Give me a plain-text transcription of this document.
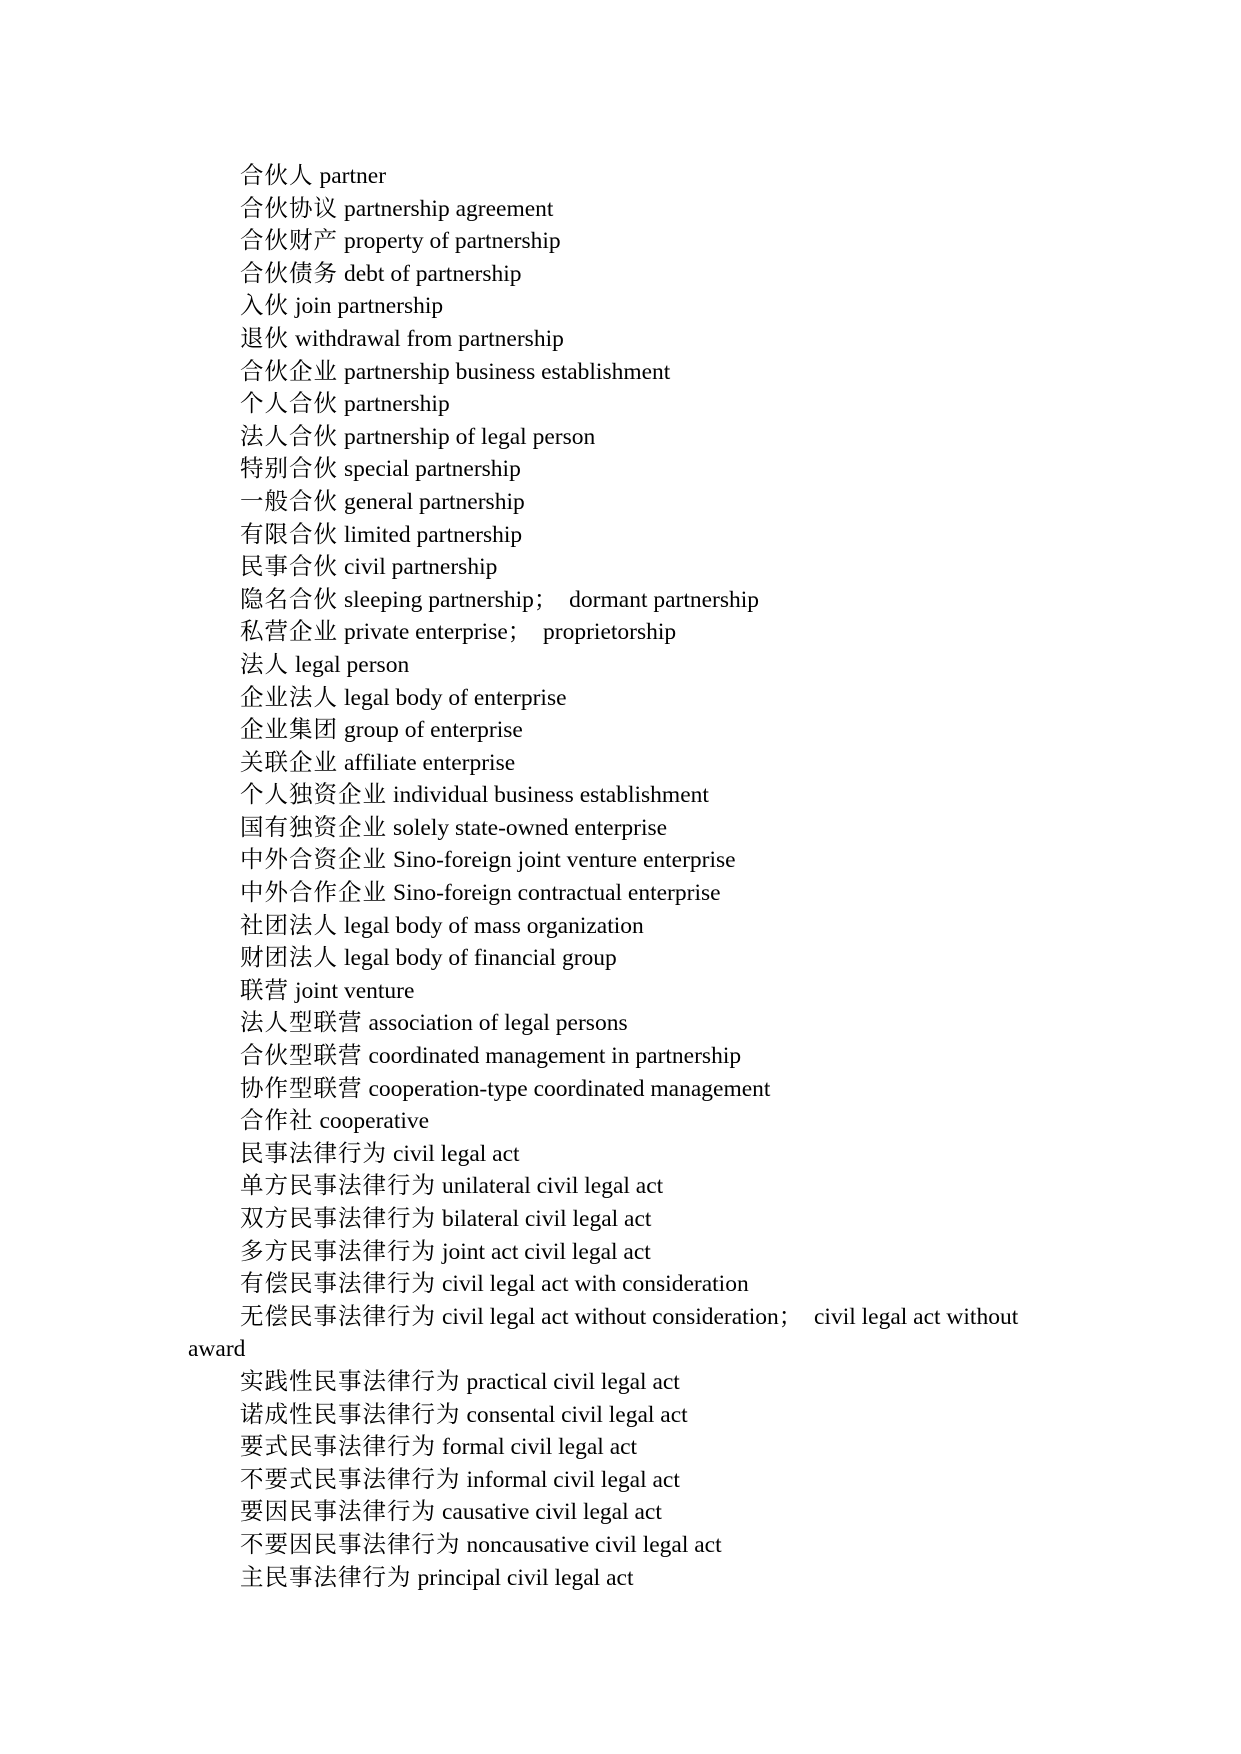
合伙人 partner

合伙协议 partnership agreement

合伙财产 property of partnership

合伙债务 debt of partnership

入伙 join partnership

退伙 withdrawal from partnership

合伙企业 partnership business establishment

个人合伙 partnership

法人合伙 partnership of legal person

特别合伙 special partnership

一般合伙 general partnership

有限合伙 limited partnership

民事合伙 civil partnership

隐名合伙 sleeping partnership；　dormant partnership

私营企业 private enterprise；　proprietorship

法人 legal person

企业法人 legal body of enterprise

企业集团 group of enterprise

关联企业 affiliate enterprise

个人独资企业 individual business establishment

国有独资企业 solely state-owned enterprise

中外合资企业 Sino-foreign joint venture enterprise

中外合作企业 Sino-foreign contractual enterprise

社团法人 legal body of mass organization

财团法人 legal body of financial group

联营 joint venture

法人型联营 association of legal persons

合伙型联营 coordinated management in partnership

协作型联营 cooperation-type coordinated management

合作社 cooperative

民事法律行为 civil legal act

单方民事法律行为 unilateral civil legal act

双方民事法律行为 bilateral civil legal act

多方民事法律行为 joint act civil legal act

有偿民事法律行为 civil legal act with consideration

无偿民事法律行为 civil legal act without consideration；　civil legal act without award

实践性民事法律行为 practical civil legal act

诺成性民事法律行为 consental civil legal act

要式民事法律行为 formal civil legal act

不要式民事法律行为 informal civil legal act

要因民事法律行为 causative civil legal act

不要因民事法律行为 noncausative civil legal act

主民事法律行为 principal civil legal act
